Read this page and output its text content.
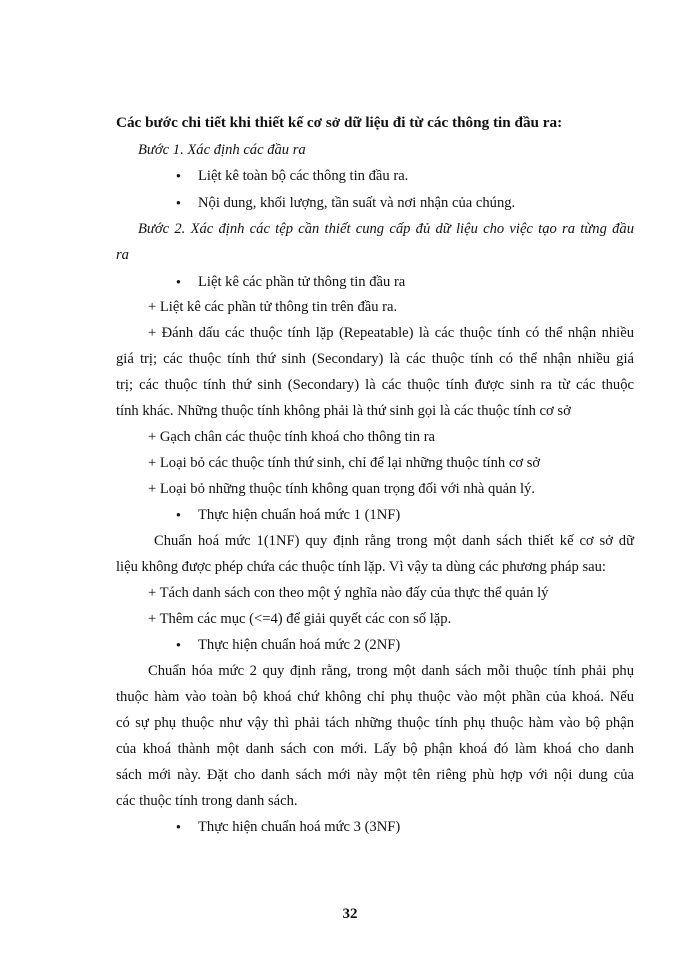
Các bước chi tiết khi thiết kế cơ sở dữ liệu đi từ các thông tin đầu ra:
Bước 1. Xác định các đầu ra
●Liệt kê toàn bộ các thông tin đầu ra.
●Nội dung, khối lượng, tần suất và nơi nhận của chúng.
Bước 2. Xác định các tệp cần thiết cung cấp đủ dữ liệu cho việc tạo ra từng đầu
ra
●Liệt kê các phần tử thông tin đầu ra
+ Liệt kê các phần tử thông tin trên đầu ra.
+ Đánh dấu các thuộc tính lặp (Repeatable) là các thuộc tính có thể nhận nhiều
giá trị; các thuộc tính thứ sinh (Secondary) là các thuộc tính có thể nhận nhiều giá
trị; các thuộc tính thứ sinh (Secondary) là các thuộc tính được sinh ra từ các thuộc
tính khác. Những thuộc tính không phải là thứ sinh gọi là các thuộc tính cơ sở
+ Gạch chân các thuộc tính khoá cho thông tin ra
+ Loại bỏ các thuộc tính thứ sinh, chỉ để lại những thuộc tính cơ sở
+ Loại bỏ những thuộc tính không quan trọng đối với nhà quản lý.
●Thực hiện chuẩn hoá mức 1 (1NF)
Chuẩn hoá mức 1(1NF) quy định rằng trong một danh sách thiết kế cơ sở dữ
liệu không được phép chứa các thuộc tính lặp. Vì vậy ta dùng các phương pháp sau:
+ Tách danh sách con theo một ý nghĩa nào đấy của thực thể quản lý
+ Thêm các mục (<=4) để giải quyết các con số lặp.
●Thực hiện chuẩn hoá mức 2 (2NF)
Chuẩn hóa mức 2 quy định rằng, trong một danh sách mỗi thuộc tính phải phụ
thuộc hàm vào toàn bộ khoá chứ không chỉ phụ thuộc vào một phần của khoá. Nếu
có sự phụ thuộc như vậy thì phải tách những thuộc tính phụ thuộc hàm vào bộ phận
của khoá thành một danh sách con mới. Lấy bộ phận khoá đó làm khoá cho danh
sách mới này. Đặt cho danh sách mới này một tên riêng phù hợp với nội dung của
các thuộc tính trong danh sách.
●Thực hiện chuẩn hoá mức 3 (3NF)
32
